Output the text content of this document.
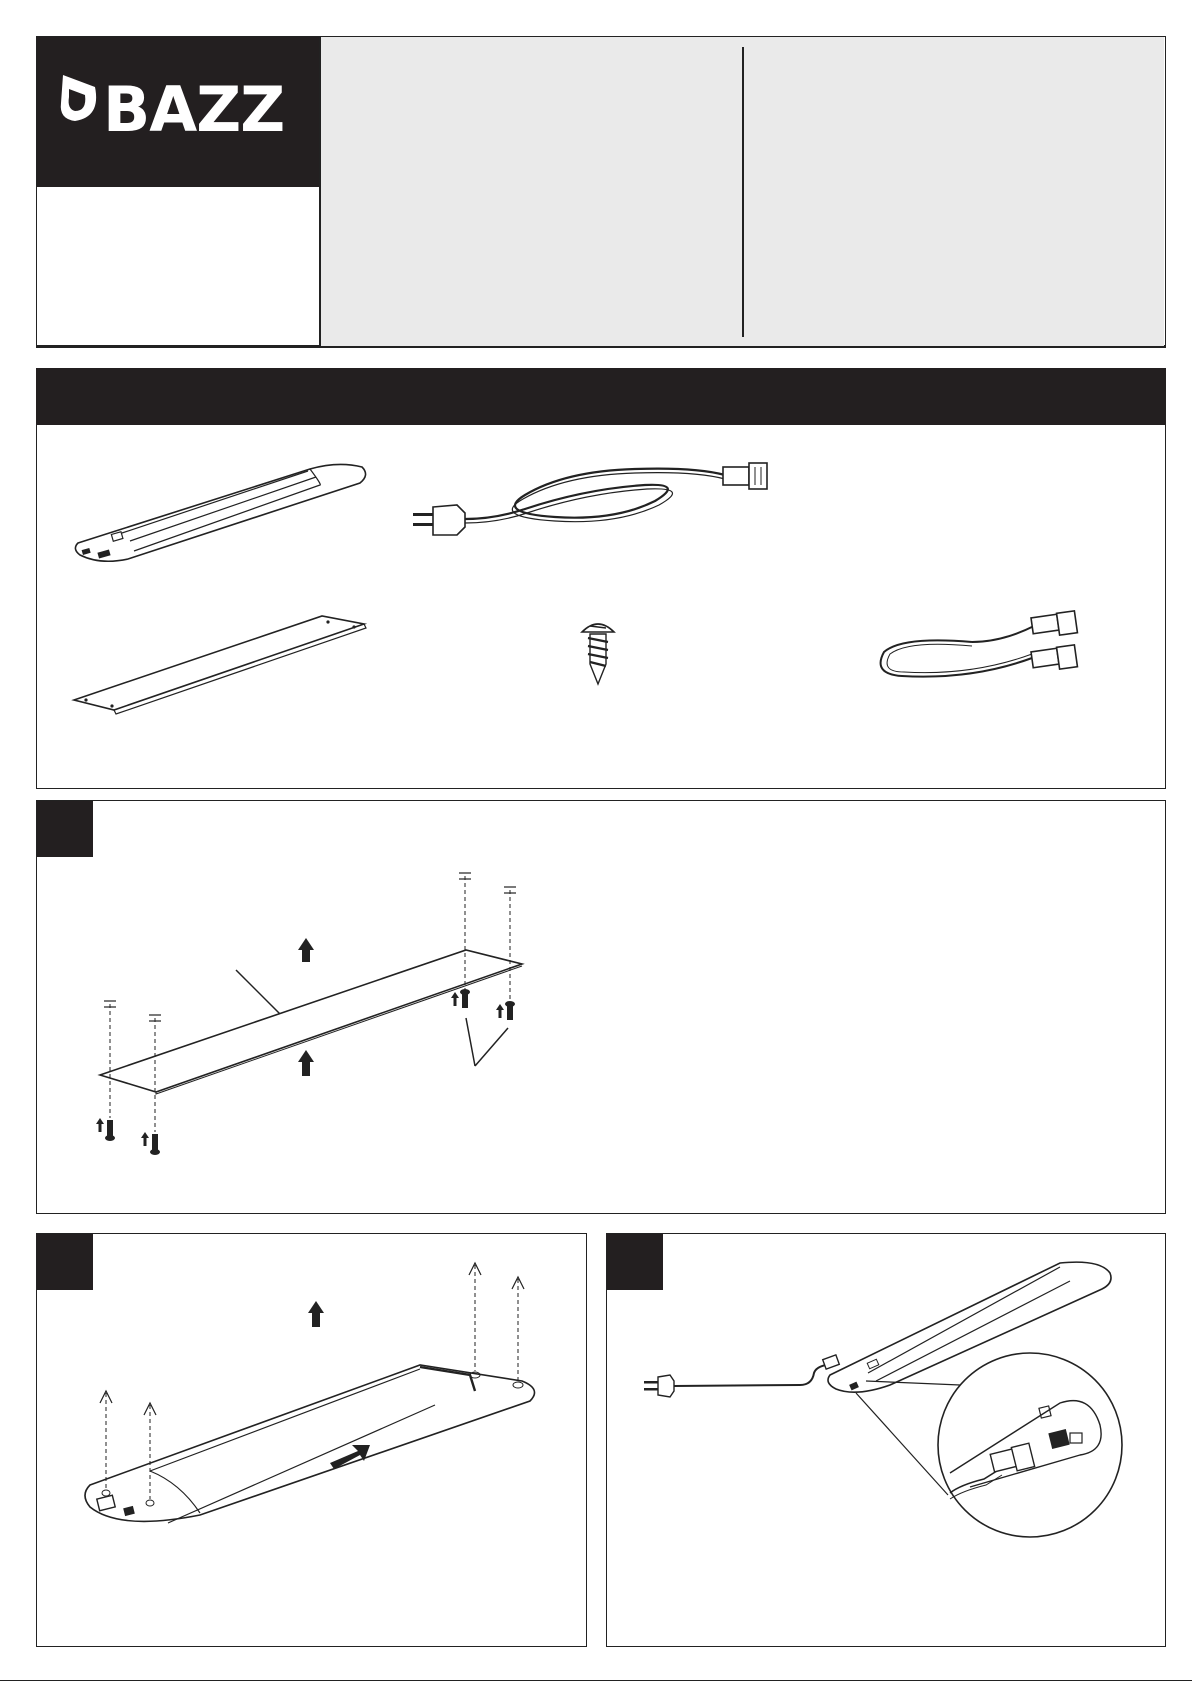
BAZZ
